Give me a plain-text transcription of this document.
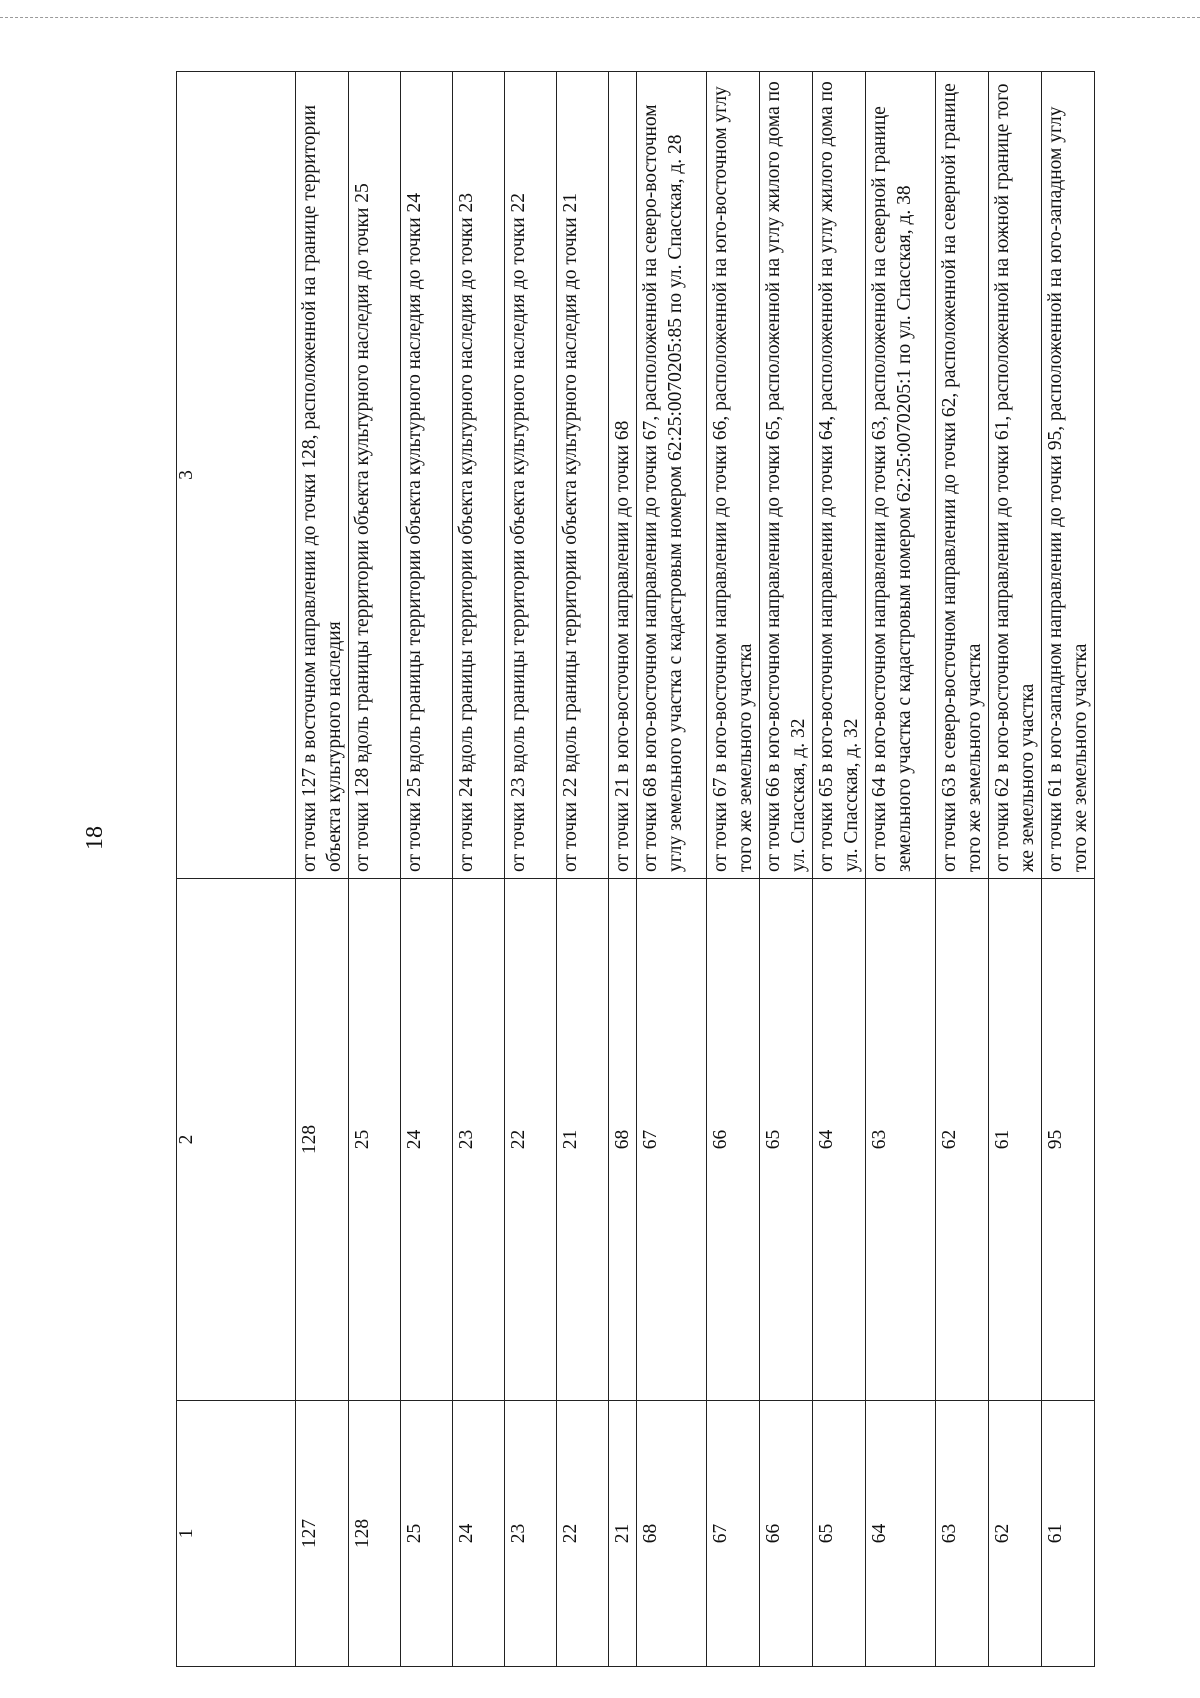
18
1	2	3
127	128	от точки 127 в восточном направлении до точки 128, расположенной на границе территории объекта культурного наследия
128	25	от точки 128 вдоль границы территории объекта культурного наследия до точки 25
25	24	от точки 25 вдоль границы территории объекта культурного наследия до точки 24
24	23	от точки 24 вдоль границы территории объекта культурного наследия до точки 23
23	22	от точки 23 вдоль границы территории объекта культурного наследия до точки 22
22	21	от точки 22 вдоль границы территории объекта культурного наследия до точки 21
21	68	от точки 21 в юго-восточном направлении до точки 68
68	67	от точки 68 в юго-восточном направлении до точки 67, расположенной на северо-восточном углу земельного участка с кадастровым номером 62:25:0070205:85 по ул. Спасская, д. 28
67	66	от точки 67 в юго-восточном направлении до точки 66, расположенной на юго-восточном углу того же земельного участка
66	65	от точки 66 в юго-восточном направлении до точки 65, расположенной на углу жилого дома по ул. Спасская, д. 32
65	64	от точки 65 в юго-восточном направлении до точки 64, расположенной на углу жилого дома по ул. Спасская, д. 32
64	63	от точки 64 в юго-восточном направлении до точки 63, расположенной на северной границе земельного участка с кадастровым номером 62:25:0070205:1 по ул. Спасская, д. 38
63	62	от точки 63 в северо-восточном направлении до точки 62, расположенной на северной границе того же земельного участка
62	61	от точки 62 в юго-восточном направлении до точки 61, расположенной на южной границе того же земельного участка
61	95	от точки 61 в юго-западном направлении до точки 95, расположенной на юго-западном углу того же земельного участка
